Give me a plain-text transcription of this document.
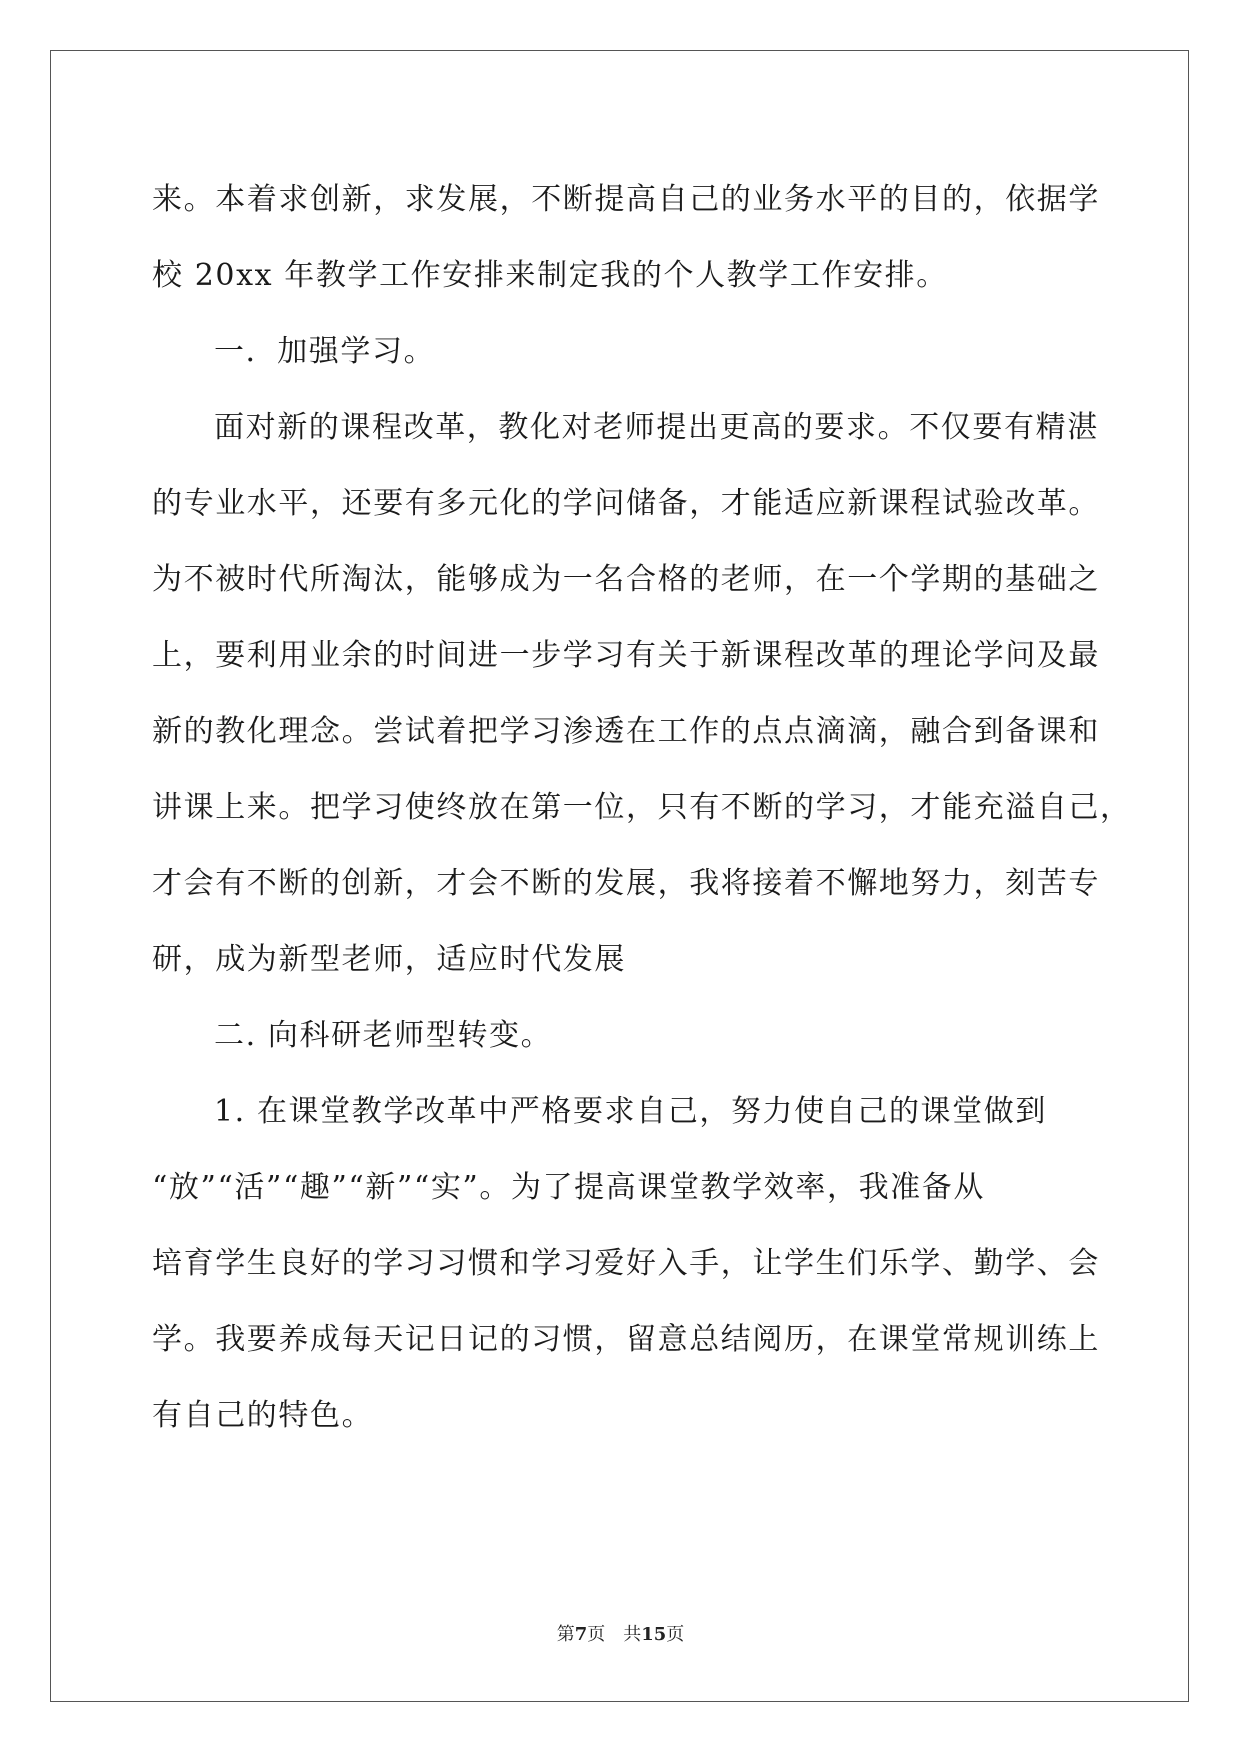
来。本着求创新，求发展，不断提高自己的业务水平的目的，依据学

校 20xx 年教学工作安排来制定我的个人教学工作安排。

一．加强学习。

面对新的课程改革，教化对老师提出更高的要求。不仅要有精湛

的专业水平，还要有多元化的学问储备，才能适应新课程试验改革。

为不被时代所淘汰，能够成为一名合格的老师，在一个学期的基础之

上，要利用业余的时间进一步学习有关于新课程改革的理论学问及最

新的教化理念。尝试着把学习渗透在工作的点点滴滴，融合到备课和

讲课上来。把学习使终放在第一位，只有不断的学习，才能充溢自己，

才会有不断的创新，才会不断的发展，我将接着不懈地努力，刻苦专

研，成为新型老师，适应时代发展

二. 向科研老师型转变。

1. 在课堂教学改革中严格要求自己，努力使自己的课堂做到

“放”“活”“趣”“新”“实”。为了提高课堂教学效率，我准备从

培育学生良好的学习习惯和学习爱好入手，让学生们乐学、勤学、会

学。我要养成每天记日记的习惯，留意总结阅历，在课堂常规训练上

有自己的特色。

第7页 共15页
